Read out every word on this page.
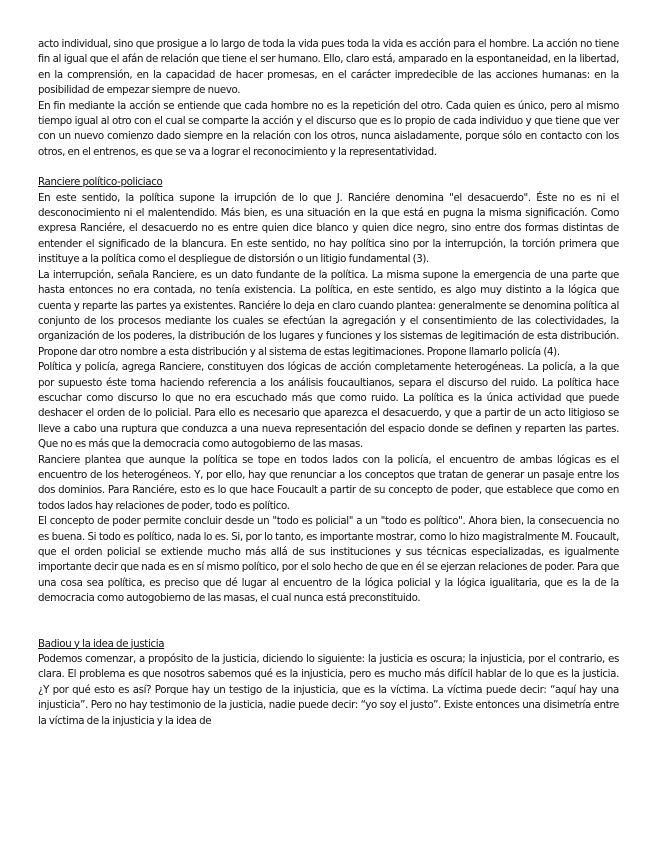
acto individual, sino que prosigue a lo largo de toda la vida pues toda la vida es acción para el hombre. La acción no tiene fin al igual que el afán de relación que tiene el ser humano. Ello, claro está, amparado en la espontaneidad, en la libertad, en la comprensión, en la capacidad de hacer promesas, en el carácter impredecible de las acciones humanas: en la posibilidad de empezar siempre de nuevo.

En fin mediante la acción se entiende que cada hombre no es la repetición del otro. Cada quien es único, pero al mismo tiempo igual al otro con el cual se comparte la acción y el discurso que es lo propio de cada individuo y que tiene que ver con un nuevo comienzo dado siempre en la relación con los otros, nunca aisladamente, porque sólo en contacto con los otros, en el entrenos, es que se va a lograr el reconocimiento y la representatividad.

Ranciere político-policiaco

En este sentido, la política supone la irrupción de lo que J. Ranciére denomina "el desacuerdo". Éste no es ni el desconocimiento ni el malentendido. Más bien, es una situación en la que está en pugna la misma significación. Como expresa Ranciére, el desacuerdo no es entre quien dice blanco y quien dice negro, sino entre dos formas distintas de entender el significado de la blancura. En este sentido, no hay política sino por la interrupción, la torción primera que instituye a la política como el despliegue de distorsión o un litigio fundamental (3).

La interrupción, señala Ranciere, es un dato fundante de la política. La misma supone la emergencia de una parte que hasta entonces no era contada, no tenía existencia. La política, en este sentido, es algo muy distinto a la lógica que cuenta y reparte las partes ya existentes. Ranciére lo deja en claro cuando plantea: generalmente se denomina política al conjunto de los procesos mediante los cuales se efectúan la agregación y el consentimiento de las colectividades, la organización de los poderes, la distribución de los lugares y funciones y los sistemas de legitimación de esta distribución. Propone dar otro nombre a esta distribución y al sistema de estas legitimaciones. Propone llamarlo policía (4).

Política y policía, agrega Ranciere, constituyen dos lógicas de acción completamente heterogéneas. La policía, a la que por supuesto éste toma haciendo referencia a los análisis foucaultianos, separa el discurso del ruido. La política hace escuchar como discurso lo que no era escuchado más que como ruido. La política es la única actividad que puede deshacer el orden de lo policial. Para ello es necesario que aparezca el desacuerdo, y que a partir de un acto litigioso se lleve a cabo una ruptura que conduzca a una nueva representación del espacio donde se definen y reparten las partes. Que no es más que la democracia como autogobierno de las masas.

Ranciere plantea que aunque la política se tope en todos lados con la policía, el encuentro de ambas lógicas es el encuentro de los heterogéneos. Y, por ello, hay que renunciar a los conceptos que tratan de generar un pasaje entre los dos dominios. Para Ranciére, esto es lo que hace Foucault a partir de su concepto de poder, que establece que como en todos lados hay relaciones de poder, todo es político.

El concepto de poder permite concluir desde un "todo es policial" a un "todo es político". Ahora bien, la consecuencia no es buena. Si todo es político, nada lo es. Si, por lo tanto, es importante mostrar, como lo hizo magistralmente M. Foucault, que el orden policial se extiende mucho más allá de sus instituciones y sus técnicas especializadas, es igualmente importante decir que nada es en sí mismo político, por el solo hecho de que en él se ejerzan relaciones de poder. Para que una cosa sea política, es preciso que dé lugar al encuentro de la lógica policial y la lógica igualitaria, que es la de la democracia como autogobierno de las masas, el cual nunca está preconstituido.

Badiou y la idea de justicia

Podemos comenzar, a propósito de la justicia, diciendo lo siguiente: la justicia es oscura; la injusticia, por el contrario, es clara. El problema es que nosotros sabemos qué es la injusticia, pero es mucho más difícil hablar de lo que es la justicia. ¿Y por qué esto es así? Porque hay un testigo de la injusticia, que es la víctima. La víctima puede decir: “aquí hay una injusticia”. Pero no hay testimonio de la justicia, nadie puede decir: “yo soy el justo”. Existe entonces una disimetría entre la víctima de la injusticia y la idea de
